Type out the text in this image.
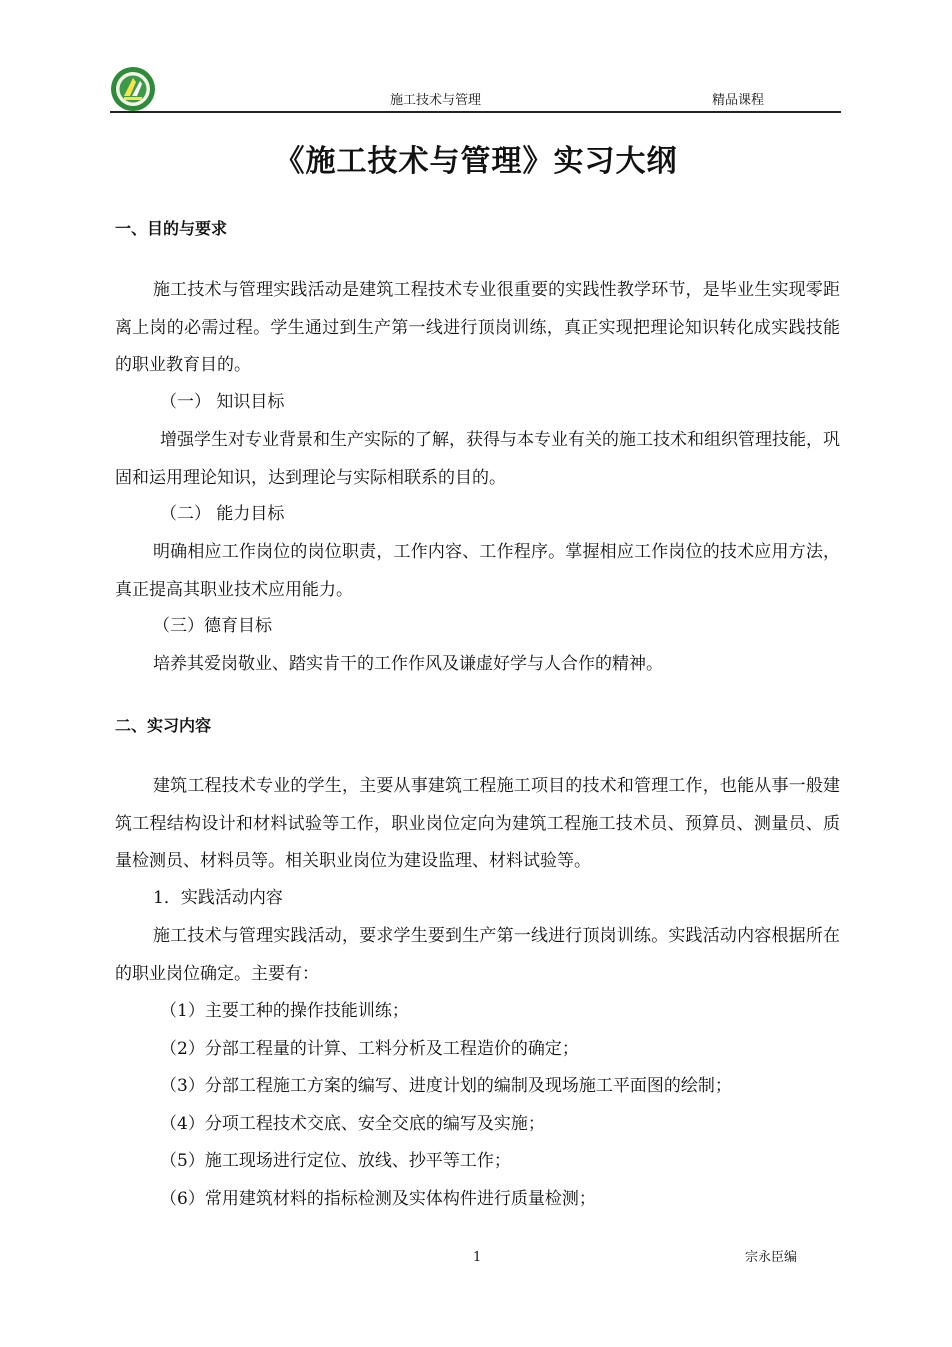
施工技术与管理	精品课程
《施工技术与管理》实习大纲
一、目的与要求

施工技术与管理实践活动是建筑工程技术专业很重要的实践性教学环节，是毕业生实现零距离上岗的必需过程。学生通过到生产第一线进行顶岗训练，真正实现把理论知识转化成实践技能的职业教育目的。

（一） 知识目标

增强学生对专业背景和生产实际的了解，获得与本专业有关的施工技术和组织管理技能，巩固和运用理论知识，达到理论与实际相联系的目的。

（二） 能力目标

明确相应工作岗位的岗位职责，工作内容、工作程序。掌握相应工作岗位的技术应用方法，真正提高其职业技术应用能力。

（三）德育目标
培养其爱岗敬业、踏实肯干的工作作风及谦虚好学与人合作的精神。
二、实习内容

建筑工程技术专业的学生，主要从事建筑工程施工项目的技术和管理工作，也能从事一般建筑工程结构设计和材料试验等工作，职业岗位定向为建筑工程施工技术员、预算员、测量员、质量检测员、材料员等。相关职业岗位为建设监理、材料试验等。

1．实践活动内容

施工技术与管理实践活动，要求学生要到生产第一线进行顶岗训练。实践活动内容根据所在的职业岗位确定。主要有：

（1）主要工种的操作技能训练；
（2）分部工程量的计算、工料分析及工程造价的确定；
（3）分部工程施工方案的编写、进度计划的编制及现场施工平面图的绘制；
（4）分项工程技术交底、安全交底的编写及实施；
（5）施工现场进行定位、放线、抄平等工作；
（6）常用建筑材料的指标检测及实体构件进行质量检测；
1	宗永臣编
